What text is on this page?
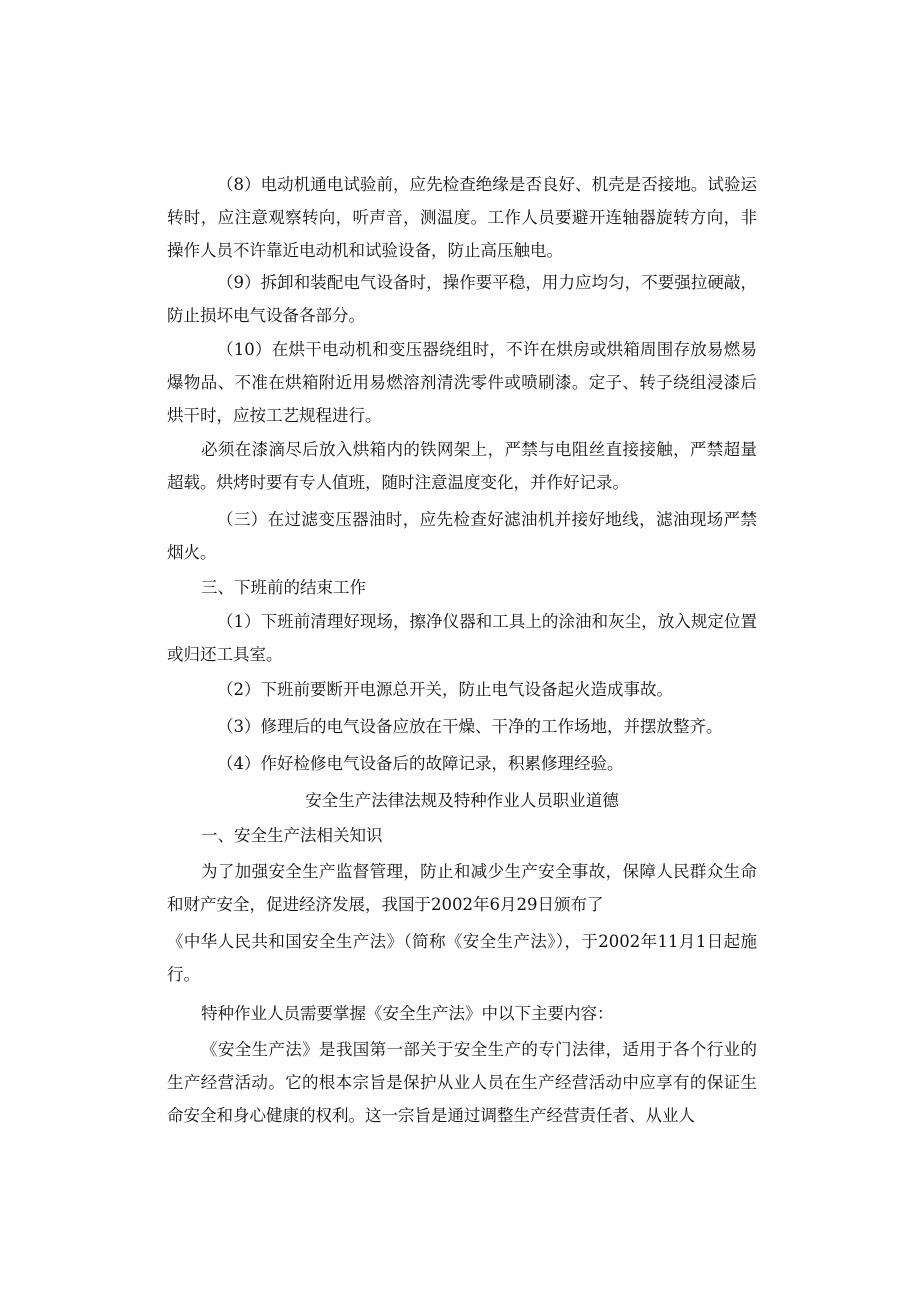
（8）电动机通电试验前，应先检查绝缘是否良好、机壳是否接地。试验运转时，应注意观察转向，听声音，测温度。工作人员要避开连轴器旋转方向，非操作人员不许靠近电动机和试验设备，防止高压触电。

（9）拆卸和装配电气设备时，操作要平稳，用力应均匀，不要强拉硬敲，防止损坏电气设备各部分。

（10）在烘干电动机和变压器绕组时，不许在烘房或烘箱周围存放易燃易爆物品、不准在烘箱附近用易燃溶剂清洗零件或喷刷漆。定子、转子绕组浸漆后烘干时，应按工艺规程进行。

必须在漆滴尽后放入烘箱内的铁网架上，严禁与电阻丝直接接触，严禁超量超载。烘烤时要有专人值班，随时注意温度变化，并作好记录。

（三）在过滤变压器油时，应先检查好滤油机并接好地线，滤油现场严禁烟火。

三、下班前的结束工作

（1）下班前清理好现场，擦净仪器和工具上的涂油和灰尘，放入规定位置或归还工具室。

（2）下班前要断开电源总开关，防止电气设备起火造成事故。

（3）修理后的电气设备应放在干燥、干净的工作场地，并摆放整齐。

（4）作好检修电气设备后的故障记录，积累修理经验。

安全生产法律法规及特种作业人员职业道德

一、安全生产法相关知识

为了加强安全生产监督管理，防止和减少生产安全事故，保障人民群众生命和财产安全，促进经济发展，我国于2002年6月29日颁布了

《中华人民共和国安全生产法》（简称《安全生产法》），于2002年11月1日起施行。

特种作业人员需要掌握《安全生产法》中以下主要内容：

《安全生产法》是我国第一部关于安全生产的专门法律，适用于各个行业的生产经营活动。它的根本宗旨是保护从业人员在生产经营活动中应享有的保证生命安全和身心健康的权利。这一宗旨是通过调整生产经营责任者、从业人
